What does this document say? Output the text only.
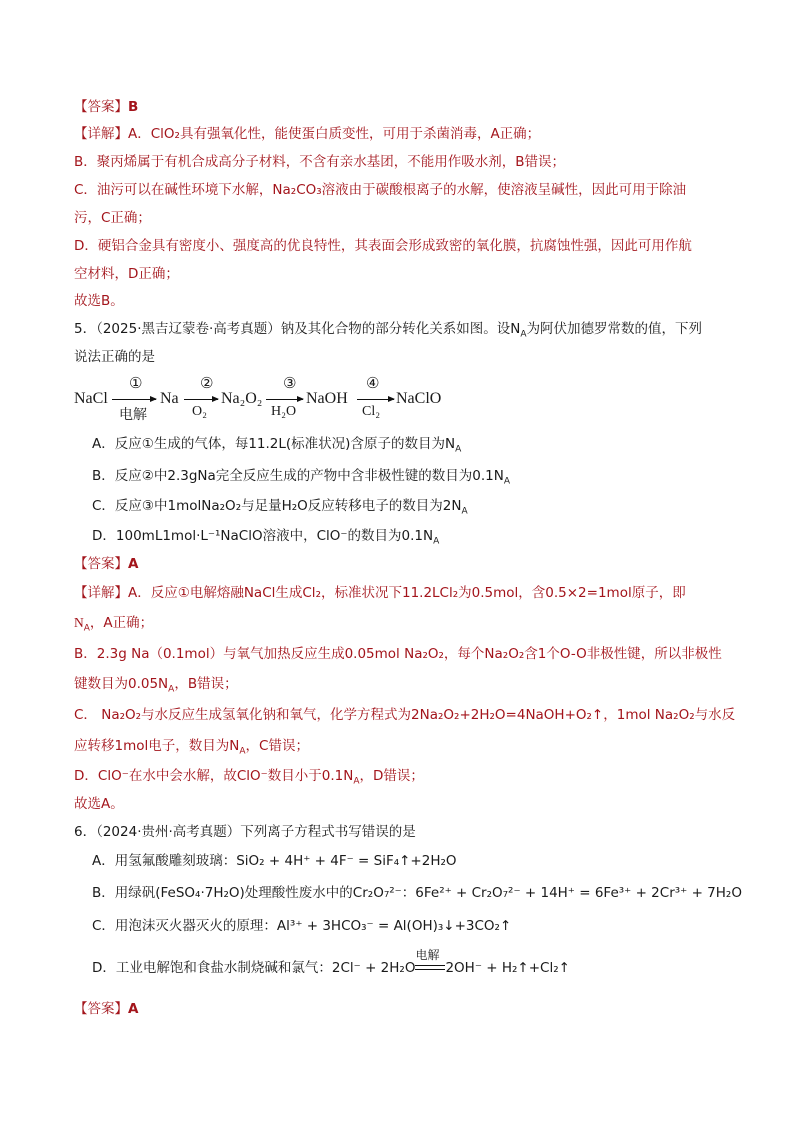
【答案】B
【详解】A．ClO₂具有强氧化性，能使蛋白质变性，可用于杀菌消毒，A正确；
B．聚丙烯属于有机合成高分子材料，不含有亲水基团，不能用作吸水剂，B错误；
C．油污可以在碱性环境下水解，Na₂CO₃溶液由于碳酸根离子的水解，使溶液呈碱性，因此可用于除油
污，C正确；
D．硬铝合金具有密度小、强度高的优良特性，其表面会形成致密的氧化膜，抗腐蚀性强，因此可用作航
空材料，D正确；
故选B。
5．（2025·黑吉辽蒙卷·高考真题）钠及其化合物的部分转化关系如图。设$N_A$为阿伏加德罗常数的值，下列
说法正确的是
NaCl
①
电解
Na
②
O₂
Na₂O₂
③
H₂O
NaOH
④
Cl₂
NaClO
A．反应①生成的气体，每11.2L(标准状况)含原子的数目为$N_A$
B．反应②中2.3gNa完全反应生成的产物中含非极性键的数目为$0.1N_A$
C．反应③中1molNa₂O₂与足量H₂O反应转移电子的数目为$2N_A$
D．100mL1mol·L⁻¹NaClO溶液中，ClO⁻的数目为$0.1N_A$
【答案】A
【详解】A．反应①电解熔融NaCl生成Cl₂，标准状况下11.2LCl₂为0.5mol，含0.5×2=1mol原子，即
$N_A$，A正确；
B．2.3g Na（0.1mol）与氧气加热反应生成0.05mol Na₂O₂，每个Na₂O₂含1个O-O非极性键，所以非极性
键数目为$0.05N_A$，B错误；
C． Na₂O₂与水反应生成氢氧化钠和氧气，化学方程式为2Na₂O₂+2H₂O=4NaOH+O₂↑，1mol Na₂O₂与水反
应转移1mol电子，数目为$N_A$，C错误；
D．ClO⁻在水中会水解，故ClO⁻数目小于$0.1N_A$，D错误；
故选A。
6．（2024·贵州·高考真题）下列离子方程式书写错误的是
A．用氢氟酸雕刻玻璃：SiO₂ + 4H⁺ + 4F⁻ = SiF₄↑+2H₂O
B．用绿矾(FeSO₄·7H₂O)处理酸性废水中的Cr₂O₇²⁻：6Fe²⁺ + Cr₂O₇²⁻ + 14H⁺ = 6Fe³⁺ + 2Cr³⁺ + 7H₂O
C．用泡沫灭火器灭火的原理：Al³⁺ + 3HCO₃⁻ = Al(OH)₃↓+3CO₂↑
D．工业电解饱和食盐水制烧碱和氯气：2Cl⁻ + 2H₂O
电解
2OH⁻ + H₂↑+Cl₂↑
【答案】A
